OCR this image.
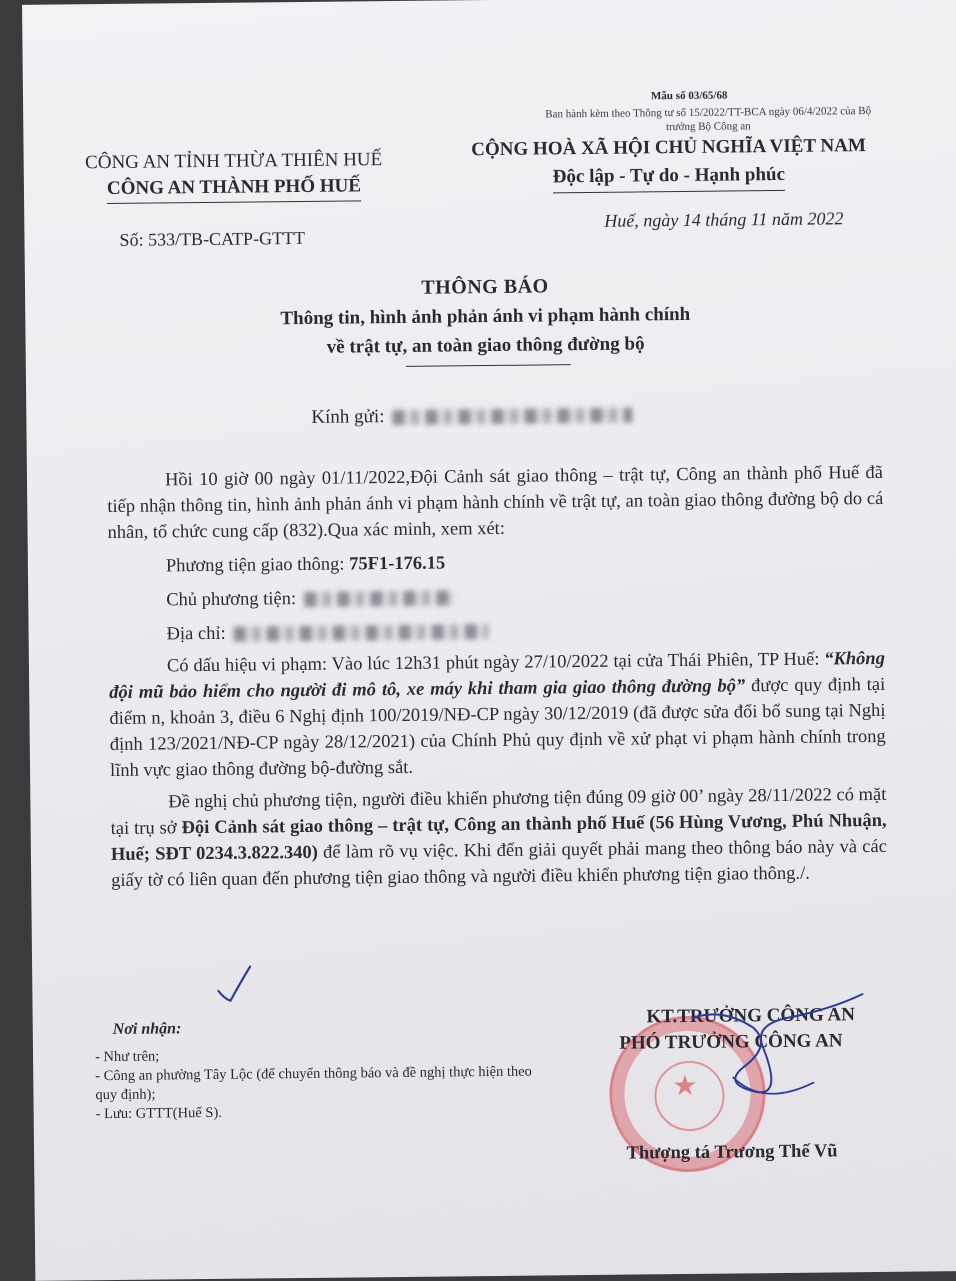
Mẫu số 03/65/68
Ban hành kèm theo Thông tư số 15/2022/TT-BCA ngày 06/4/2022 của Bộ trưởng Bộ Công an
CÔNG AN TỈNH THỪA THIÊN HUẾ
CÔNG AN THÀNH PHỐ HUẾ
CỘNG HOÀ XÃ HỘI CHỦ NGHĨA VIỆT NAM
Độc lập - Tự do - Hạnh phúc
Số: 533/TB-CATP-GTTT
Huế, ngày 14 tháng 11 năm 2022
THÔNG BÁO
Thông tin, hình ảnh phản ánh vi phạm hành chính
về trật tự, an toàn giao thông đường bộ
Kính gửi:

Hồi 10 giờ 00 ngày 01/11/2022,Đội Cảnh sát giao thông – trật tự, Công an thành phố Huế đã tiếp nhận thông tin, hình ảnh phản ánh vi phạm hành chính về trật tự, an toàn giao thông đường bộ do cá nhân, tổ chức cung cấp (832).Qua xác minh, xem xét:

Phương tiện giao thông: 75F1-176.15

Chủ phương tiện:

Địa chỉ:

Có dấu hiệu vi phạm: Vào lúc 12h31 phút ngày 27/10/2022 tại cửa Thái Phiên, TP Huế: “Không đội mũ bảo hiểm cho người đi mô tô, xe máy khi tham gia giao thông đường bộ” được quy định tại điểm n, khoản 3, điều 6 Nghị định 100/2019/NĐ-CP ngày 30/12/2019 (đã được sửa đổi bổ sung tại Nghị định 123/2021/NĐ-CP ngày 28/12/2021) của Chính Phủ quy định về xử phạt vi phạm hành chính trong lĩnh vực giao thông đường bộ-đường sắt.

Đề nghị chủ phương tiện, người điều khiển phương tiện đúng 09 giờ 00’ ngày 28/11/2022 có mặt tại trụ sở Đội Cảnh sát giao thông – trật tự, Công an thành phố Huế (56 Hùng Vương, Phú Nhuận, Huế; SĐT 0234.3.822.340) để làm rõ vụ việc. Khi đến giải quyết phải mang theo thông báo này và các giấy tờ có liên quan đến phương tiện giao thông và người điều khiển phương tiện giao thông./.

Nơi nhận:
- Như trên;
- Công an phường Tây Lộc (để chuyển thông báo và đề nghị thực hiện theo quy định);
- Lưu: GTTT(Huế S).
★
KT.TRƯỞNG CÔNG AN
PHÓ TRƯỞNG CÔNG AN
Thượng tá Trương Thế Vũ
